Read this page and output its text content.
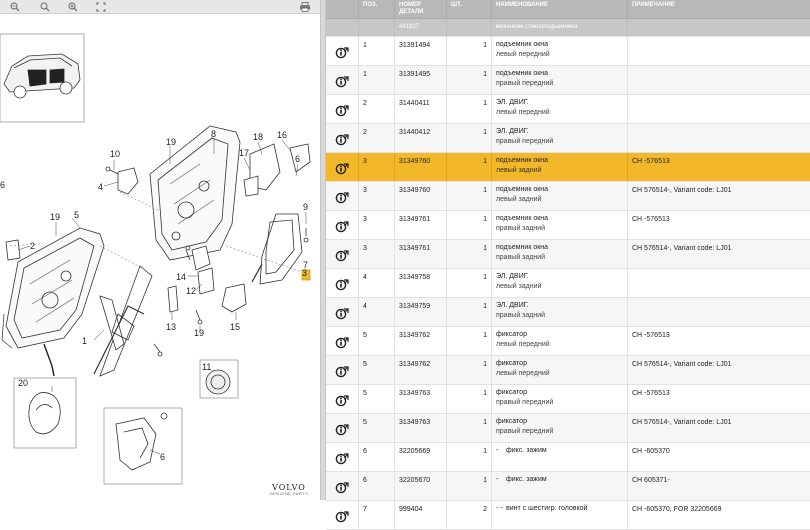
10
4
19
8
17
18 16
6
5
19
9
7
2
14
12
3
1
13
19
15
11
20
6
6
VOLVO
GENUINE PARTS
ПОЗ.	НОМЕР ДЕТАЛИ
ШТ.	НАИМЕНОВАНИЕ	ПРИМЕЧАНИЕ
441827	механизм стеклоподъемника
1	31391494	1	подъемник окна
левый передний
1	31391495	1	подъемник окна
правый передний
2	31440411	1	ЭЛ. ДВИГ.
левый передний
2	31440412	1	ЭЛ. ДВИГ.
правый передний
3	31349760	1	подъемник окна
левый задний
CH -576513
3	31349760	1	подъемник окна
левый задний
CH 576514-, Variant code: LJ01
3	31349761	1	подъемник окна
правый задний
CH -576513
3	31349761	1	подъемник окна
правый задний
CH 576514-, Variant code: LJ01
4	31349758	1	ЭЛ. ДВИГ.
левый задний
4	31349759	1	ЭЛ. ДВИГ.
правый задний
5	31349762	1	фиксатор
левый передний
CH -576513
5	31349762	1	фиксатор
левый передний
CH 576514-, Variant code: LJ01
5	31349763	1	фиксатор
правый передний
CH -576513
5	31349763	1	фиксатор
правый передний
CH 576514-, Variant code: LJ01
6	32205669	1	- фикс. зажим	CH -605370
6	32205670	1	- фикс. зажим	CH 605371-
7	999404	2	- - винт с шестигр. головкой	CH -605370, FOR 32205669
